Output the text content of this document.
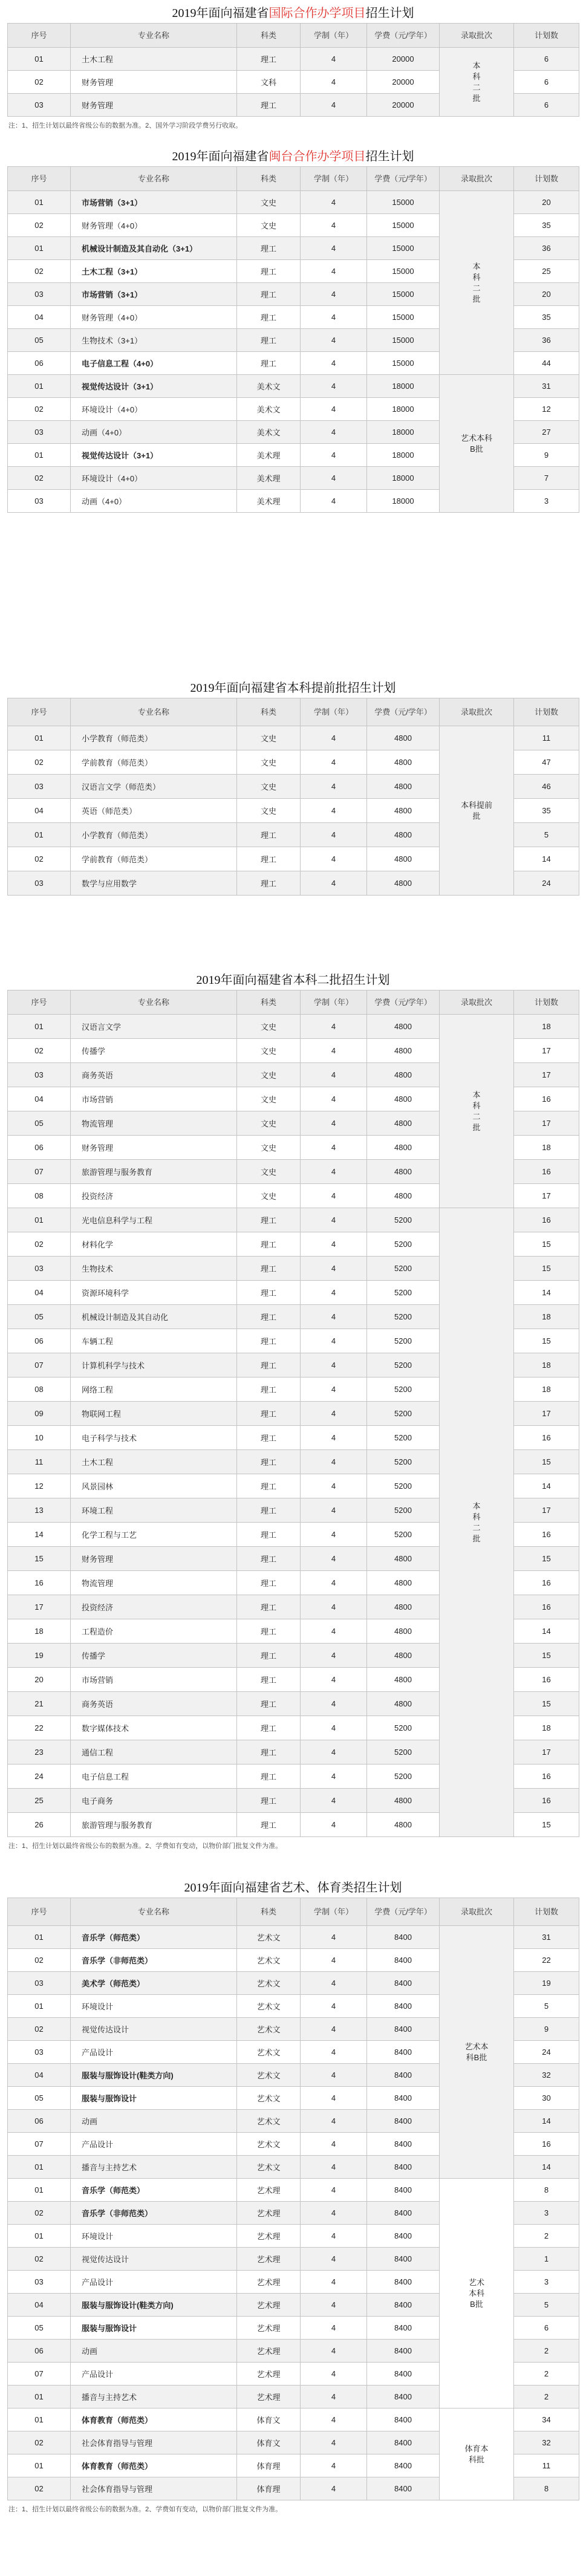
2019年面向福建省国际合作办学项目招生计划
序号	专业名称	科类	学制（年）	学费（元/学年）	录取批次	计划数
01	土木工程	理工	4	20000	本科二批	6
02	财务管理	文科	4	20000		6
03	财务管理	理工	4	20000		6
注：1、招生计划以最终省级公布的数据为准。2、国外学习阶段学费另行收取。
2019年面向福建省闽台合作办学项目招生计划
序号	专业名称	科类	学制（年）	学费（元/学年）	录取批次	计划数
01	市场营销（3+1）	文史	4	15000	本科二批	20
02	财务管理（4+0）	文史	4	15000		35
01	机械设计制造及其自动化（3+1）	理工	4	15000		36
02	土木工程（3+1）	理工	4	15000		25
03	市场营销（3+1）	理工	4	15000		20
04	财务管理（4+0）	理工	4	15000		35
05	生物技术（3+1）	理工	4	15000		36
06	电子信息工程（4+0）	理工	4	15000		44
01	视觉传达设计（3+1）	美术文	4	18000	艺术本科B批	31
02	环境设计（4+0）	美术文	4	18000		12
03	动画（4+0）	美术文	4	18000		27
01	视觉传达设计（3+1）	美术理	4	18000		9
02	环境设计（4+0）	美术理	4	18000		7
03	动画（4+0）	美术理	4	18000		3
2019年面向福建省本科提前批招生计划
序号	专业名称	科类	学制（年）	学费（元/学年）	录取批次	计划数
01	小学教育（师范类）	文史	4	4800	本科提前批	11
02	学前教育（师范类）	文史	4	4800		47
03	汉语言文学（师范类）	文史	4	4800		46
04	英语（师范类）	文史	4	4800		35
01	小学教育（师范类）	理工	4	4800		5
02	学前教育（师范类）	理工	4	4800		14
03	数学与应用数学	理工	4	4800		24
2019年面向福建省本科二批招生计划
序号	专业名称	科类	学制（年）	学费（元/学年）	录取批次	计划数
01	汉语言文学	文史	4	4800	本科二批	18
02	传播学	文史	4	4800		17
03	商务英语	文史	4	4800		17
04	市场营销	文史	4	4800		16
05	物流管理	文史	4	4800		17
06	财务管理	文史	4	4800		18
07	旅游管理与服务教育	文史	4	4800		16
08	投资经济	文史	4	4800		17
01	光电信息科学与工程	理工	4	5200	本科二批	16
02	材料化学	理工	4	5200		15
03	生物技术	理工	4	5200		15
04	资源环境科学	理工	4	5200		14
05	机械设计制造及其自动化	理工	4	5200		18
06	车辆工程	理工	4	5200		15
07	计算机科学与技术	理工	4	5200		18
08	网络工程	理工	4	5200		18
09	物联网工程	理工	4	5200		17
10	电子科学与技术	理工	4	5200		16
11	土木工程	理工	4	5200		15
12	风景园林	理工	4	5200		14
13	环境工程	理工	4	5200		17
14	化学工程与工艺	理工	4	5200		16
15	财务管理	理工	4	4800		15
16	物流管理	理工	4	4800		16
17	投资经济	理工	4	4800		16
18	工程造价	理工	4	4800		14
19	传播学	理工	4	4800		15
20	市场营销	理工	4	4800		16
21	商务英语	理工	4	4800		15
22	数字媒体技术	理工	4	5200		18
23	通信工程	理工	4	5200		17
24	电子信息工程	理工	4	5200		16
25	电子商务	理工	4	4800		16
26	旅游管理与服务教育	理工	4	4800		15
注：1、招生计划以最终省级公布的数据为准。2、学费如有变动，以物价部门批复文件为准。
2019年面向福建省艺术、体育类招生计划
序号	专业名称	科类	学制（年）	学费（元/学年）	录取批次	计划数
01	音乐学（师范类）	艺术文	4	8400	艺术本科B批	31
02	音乐学（非师范类）	艺术文	4	8400		22
03	美术学（师范类）	艺术文	4	8400		19
01	环境设计	艺术文	4	8400		5
02	视觉传达设计	艺术文	4	8400		9
03	产品设计	艺术文	4	8400		24
04	服装与服饰设计(鞋类方向)	艺术文	4	8400		32
05	服装与服饰设计	艺术文	4	8400		30
06	动画	艺术文	4	8400		14
07	产品设计	艺术文	4	8400		16
01	播音与主持艺术	艺术文	4	8400		14
01	音乐学（师范类）	艺术理	4	8400	艺术本科B批	8
02	音乐学（非师范类）	艺术理	4	8400		3
01	环境设计	艺术理	4	8400		2
02	视觉传达设计	艺术理	4	8400		1
03	产品设计	艺术理	4	8400		3
04	服装与服饰设计(鞋类方向)	艺术理	4	8400		5
05	服装与服饰设计	艺术理	4	8400		6
06	动画	艺术理	4	8400		2
07	产品设计	艺术理	4	8400		2
01	播音与主持艺术	艺术理	4	8400		2
01	体育教育（师范类）	体育文	4	8400	体育本科批	34
02	社会体育指导与管理	体育文	4	8400		32
01	体育教育（师范类）	体育理	4	8400		11
02	社会体育指导与管理	体育理	4	8400		8
注：1、招生计划以最终省级公布的数据为准。2、学费如有变动，以物价部门批复文件为准。
